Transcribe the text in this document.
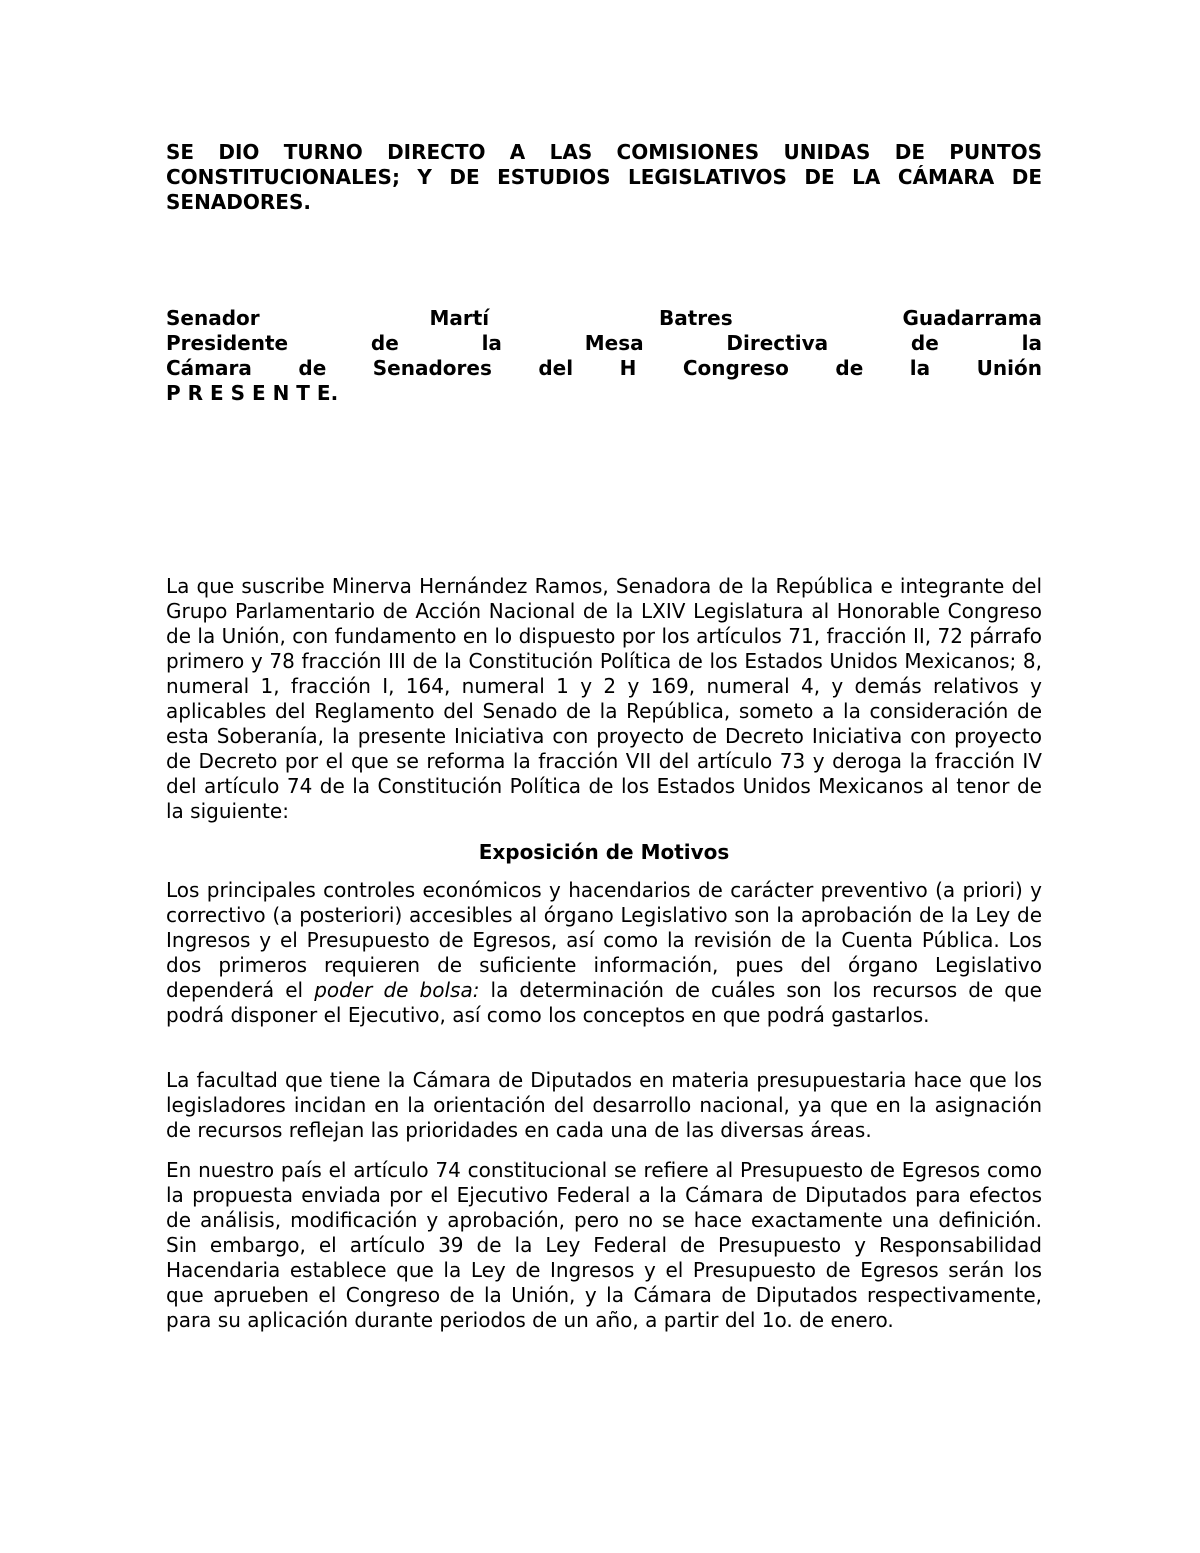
SE DIO TURNO DIRECTO A LAS COMISIONES UNIDAS DE PUNTOS CONSTITUCIONALES; Y DE ESTUDIOS LEGISLATIVOS DE LA CÁMARA DE SENADORES.
Senador	Martí	Batres	Guadarrama
Presidente	de	la	Mesa	Directiva	de	la
Cámara de Senadores del H Congreso de la Unión
P R E S E N T E.

La que suscribe Minerva Hernández Ramos, Senadora de la República e integrante del Grupo Parlamentario de Acción Nacional de la LXIV Legislatura al Honorable Congreso de la Unión, con fundamento en lo dispuesto por los artículos 71, fracción II, 72 párrafo primero y 78 fracción III de la Constitución Política de los Estados Unidos Mexicanos; 8, numeral 1, fracción I, 164, numeral 1 y 2 y 169, numeral 4, y demás relativos y aplicables del Reglamento del Senado de la República, someto a la consideración de esta Soberanía, la presente Iniciativa con proyecto de Decreto Iniciativa con proyecto de Decreto por el que se reforma la fracción VII del artículo 73 y deroga la fracción IV del artículo 74 de la Constitución Política de los Estados Unidos Mexicanos al tenor de la siguiente:

Exposición de Motivos

Los principales controles económicos y hacendarios de carácter preventivo (a priori) y correctivo (a posteriori) accesibles al órgano Legislativo son la aprobación de la Ley de Ingresos y el Presupuesto de Egresos, así como la revisión de la Cuenta Pública. Los dos primeros requieren de suficiente información, pues del órgano Legislativo dependerá el poder de bolsa: la determinación de cuáles son los recursos de que podrá disponer el Ejecutivo, así como los conceptos en que podrá gastarlos.

La facultad que tiene la Cámara de Diputados en materia presupuestaria hace que los legisladores incidan en la orientación del desarrollo nacional, ya que en la asignación de recursos reflejan las prioridades en cada una de las diversas áreas.

En nuestro país el artículo 74 constitucional se refiere al Presupuesto de Egresos como la propuesta enviada por el Ejecutivo Federal a la Cámara de Diputados para efectos de análisis, modificación y aprobación, pero no se hace exactamente una definición. Sin embargo, el artículo 39 de la Ley Federal de Presupuesto y Responsabilidad Hacendaria establece que la Ley de Ingresos y el Presupuesto de Egresos serán los que aprueben el Congreso de la Unión, y la Cámara de Diputados respectivamente, para su aplicación durante periodos de un año, a partir del 1o. de enero.
